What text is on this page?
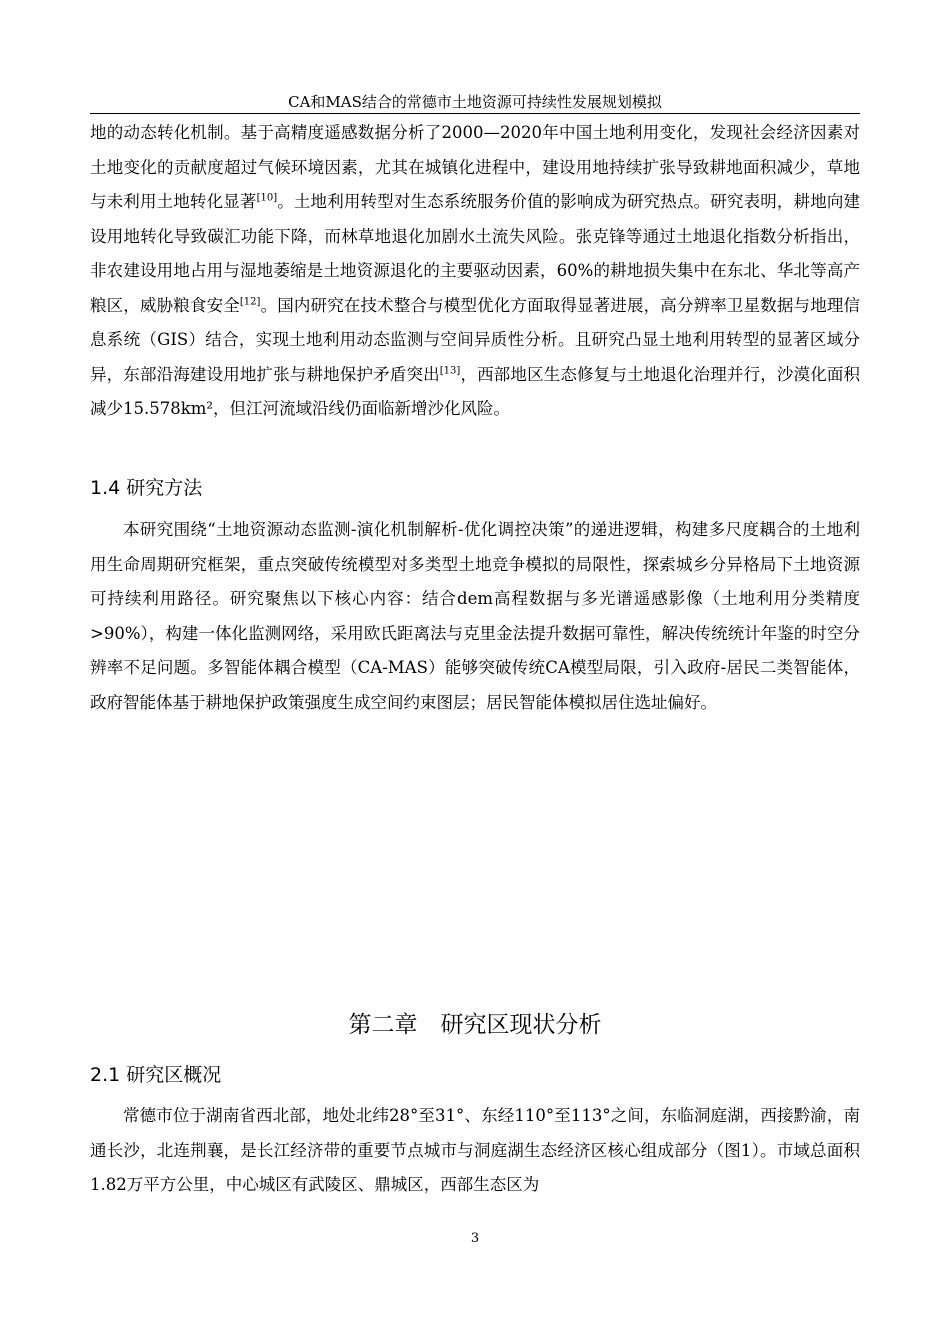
CA和MAS结合的常德市土地资源可持续性发展规划模拟

地的动态转化机制。基于高精度遥感数据分析了2000—2020年中国土地利用变化，发现社会经济因素对土地变化的贡献度超过气候环境因素，尤其在城镇化进程中，建设用地持续扩张导致耕地面积减少，草地与未利用土地转化显著[10]。土地利用转型对生态系统服务价值的影响成为研究热点。研究表明，耕地向建设用地转化导致碳汇功能下降，而林草地退化加剧水土流失风险。张克锋等通过土地退化指数分析指出，非农建设用地占用与湿地萎缩是土地资源退化的主要驱动因素，60%的耕地损失集中在东北、华北等高产粮区，威胁粮食安全[12]。国内研究在技术整合与模型优化方面取得显著进展，高分辨率卫星数据与地理信息系统（GIS）结合，实现土地利用动态监测与空间异质性分析。且研究凸显土地利用转型的显著区域分异，东部沿海建设用地扩张与耕地保护矛盾突出[13]，西部地区生态修复与土地退化治理并行，沙漠化面积减少15.578km²，但江河流域沿线仍面临新增沙化风险。

1.4 研究方法

本研究围绕“土地资源动态监测-演化机制解析-优化调控决策”的递进逻辑，构建多尺度耦合的土地利用生命周期研究框架，重点突破传统模型对多类型土地竞争模拟的局限性，探索城乡分异格局下土地资源可持续利用路径。研究聚焦以下核心内容：结合dem高程数据与多光谱遥感影像（土地利用分类精度>90%），构建一体化监测网络，采用欧氏距离法与克里金法提升数据可靠性，解决传统统计年鉴的时空分辨率不足问题。多智能体耦合模型（CA-MAS）能够突破传统CA模型局限，引入政府-居民二类智能体，政府智能体基于耕地保护政策强度生成空间约束图层；居民智能体模拟居住选址偏好。

第二章　研究区现状分析
2.1 研究区概况

常德市位于湖南省西北部，地处北纬28°至31°、东经110°至113°之间，东临洞庭湖，西接黔渝，南通长沙，北连荆襄，是长江经济带的重要节点城市与洞庭湖生态经济区核心组成部分（图1）。市域总面积1.82万平方公里，中心城区有武陵区、鼎城区，西部生态区为

3
